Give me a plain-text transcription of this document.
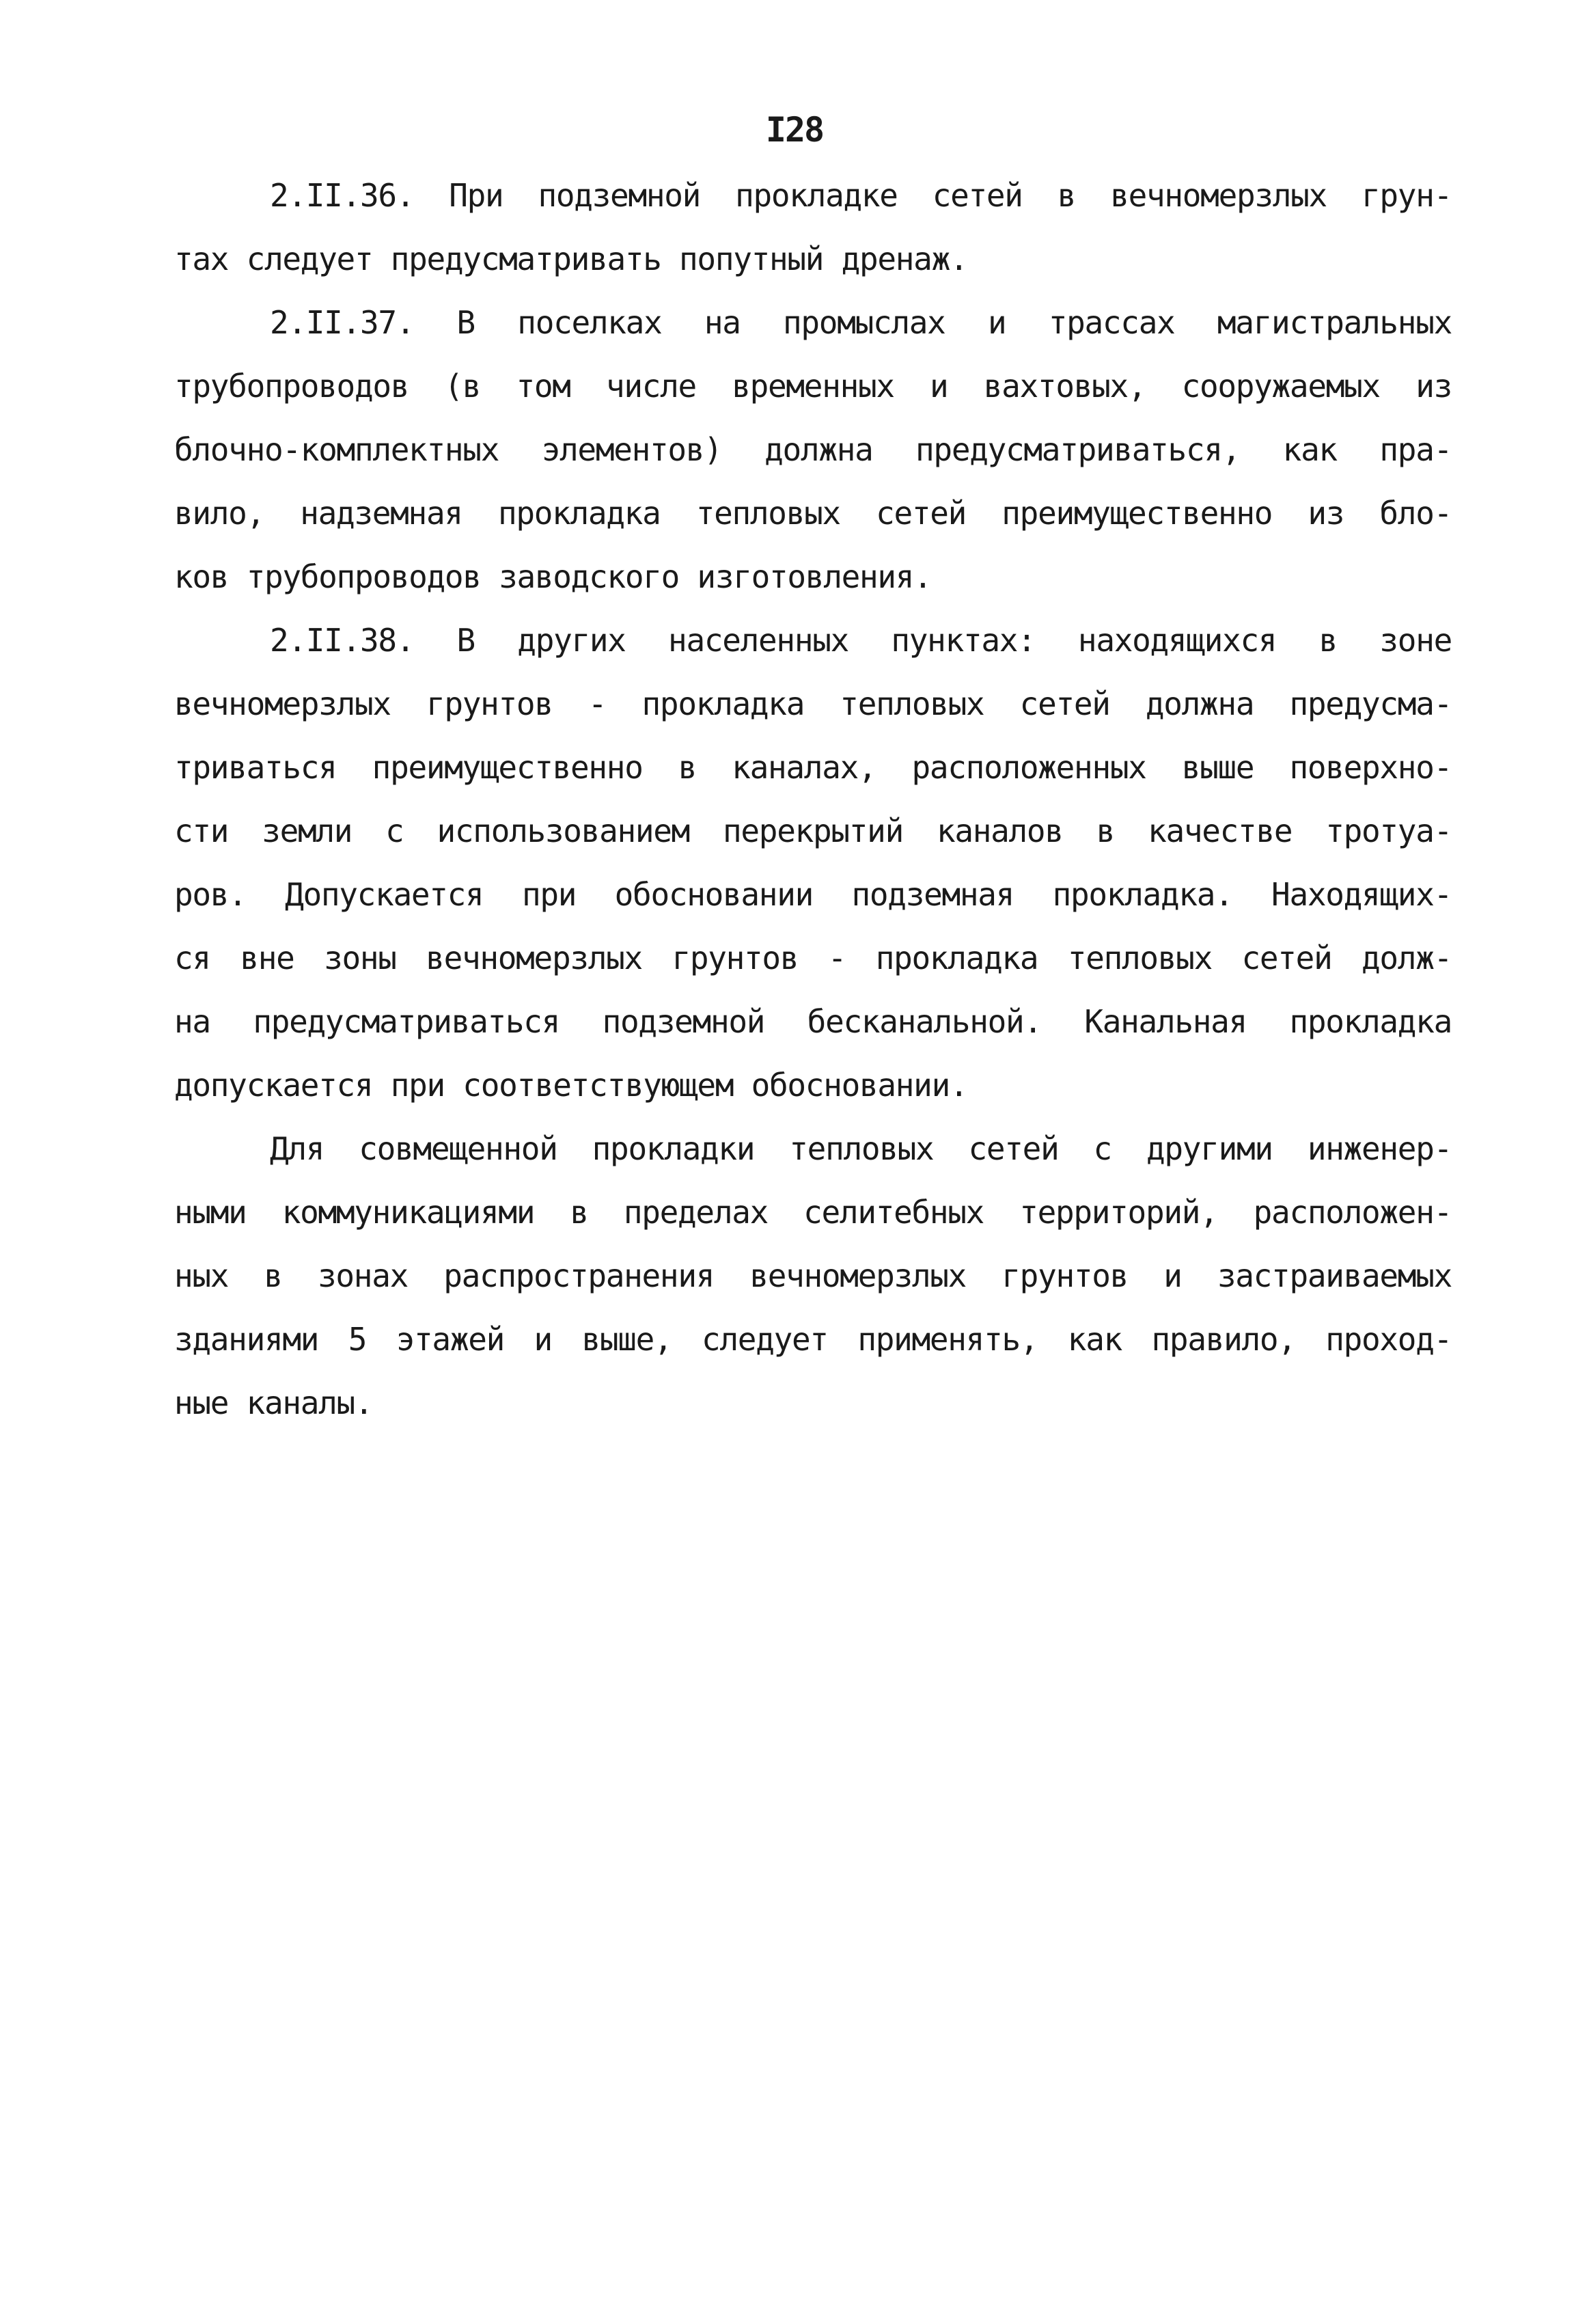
I28
2.II.36. При подземной прокладке сетей в вечномерзлых грун-
тах следует предусматривать попутный дренаж.
2.II.37. В поселках на промыслах и трассах магистральных
трубопроводов (в том числе временных и вахтовых, сооружаемых из
блочно-комплектных элементов) должна предусматриваться, как пра-
вило, надземная прокладка тепловых сетей преимущественно из бло-
ков трубопроводов заводского изготовления.
2.II.38. В других населенных пунктах: находящихся в зоне
вечномерзлых грунтов - прокладка тепловых сетей должна предусма-
триваться преимущественно в каналах, расположенных выше поверхно-
сти земли с использованием перекрытий каналов в качестве тротуа-
ров. Допускается при обосновании подземная прокладка. Находящих-
ся вне зоны вечномерзлых грунтов - прокладка тепловых сетей долж-
на предусматриваться подземной бесканальной. Канальная прокладка
допускается при соответствующем обосновании.
Для совмещенной прокладки тепловых сетей с другими инженер-
ными коммуникациями в пределах селитебных территорий, расположен-
ных в зонах распространения вечномерзлых грунтов и застраиваемых
зданиями 5 этажей и выше, следует применять, как правило, проход-
ные каналы.
